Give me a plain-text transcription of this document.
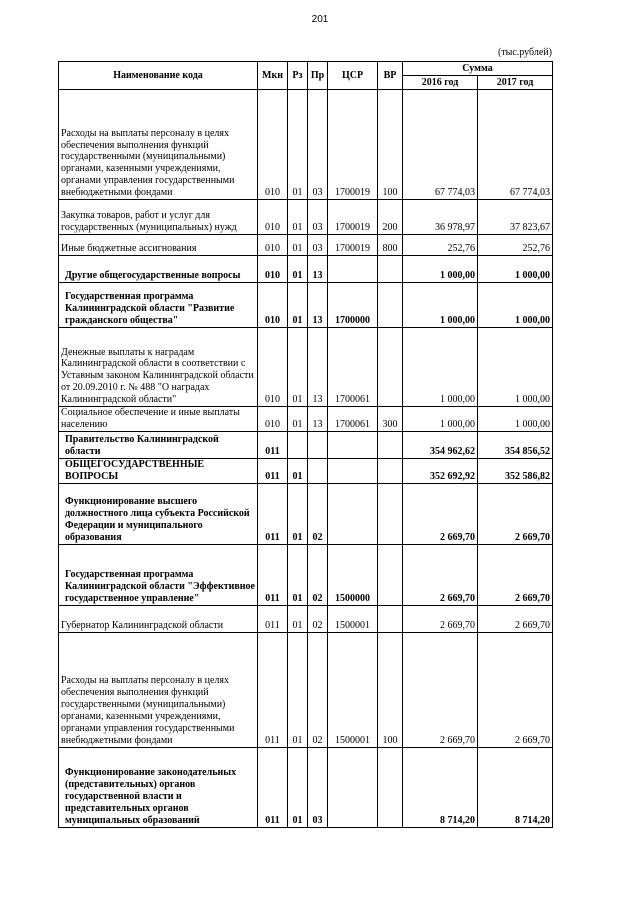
201
(тыс.рублей)
Наименование кода	Мкн	Рз	Пр	ЦСР	ВР	Сумма	
						2016 год	2017 год
Расходы на выплаты персоналу в целях обеспечения выполнения функций государственными (муниципальными) органами, казенными учреждениями, органами управления государственными внебюджетными фондами	010	01	03	1700019	100	67 774,03	67 774,03
Закупка товаров, работ и услуг для государственных (муниципальных) нужд	010	01	03	1700019	200	36 978,97	37 823,67
Иные бюджетные ассигнования	010	01	03	1700019	800	252,76	252,76
Другие общегосударственные вопросы	010	01	13			1 000,00	1 000,00
Государственная программа Калининградской области "Развитие гражданского общества"	010	01	13	1700000		1 000,00	1 000,00
Денежные выплаты к наградам Калининградской области в соответствии с Уставным законом Калининградской области от 20.09.2010 г. № 488 "О наградах Калининградской области"	010	01	13	1700061		1 000,00	1 000,00
Социальное обеспечение и иные выплаты населению	010	01	13	1700061	300	1 000,00	1 000,00
Правительство Калининградской области	011					354 962,62	354 856,52
ОБЩЕГОСУДАРСТВЕННЫЕ ВОПРОСЫ	011	01				352 692,92	352 586,82
Функционирование высшего должностного лица субъекта Российской Федерации и муниципального образования	011	01	02			2 669,70	2 669,70
Государственная программа Калининградской области "Эффективное государственное управление"	011	01	02	1500000		2 669,70	2 669,70
Губернатор Калининградской области	011	01	02	1500001		2 669,70	2 669,70
Расходы на выплаты персоналу в целях обеспечения выполнения функций государственными (муниципальными) органами, казенными учреждениями, органами управления государственными внебюджетными фондами	011	01	02	1500001	100	2 669,70	2 669,70
Функционирование законодательных (представительных) органов государственной власти и представительных органов муниципальных образований	011	01	03			8 714,20	8 714,20
